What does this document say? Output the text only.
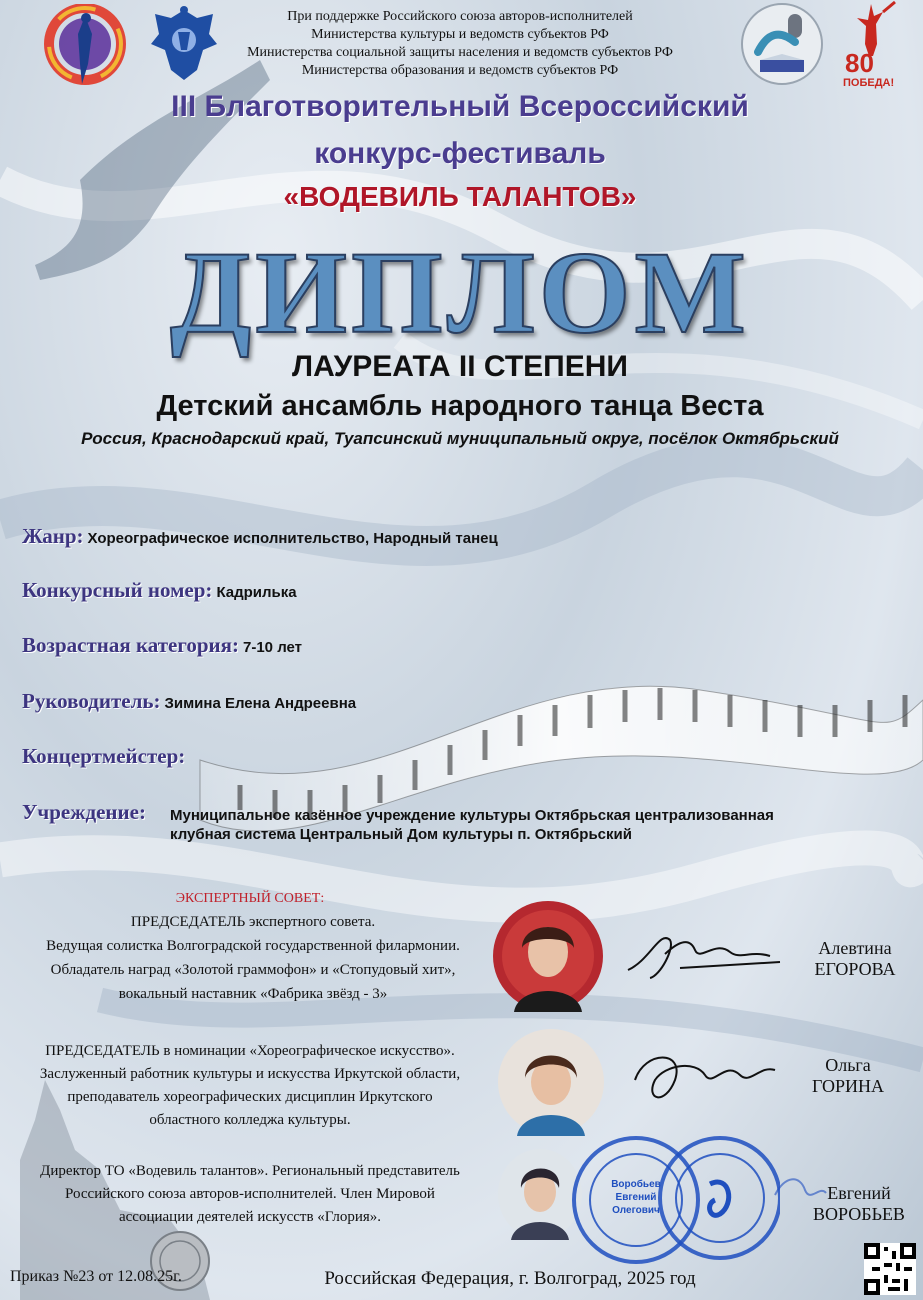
При поддержке Российского союза авторов-исполнителей
Министерства культуры и ведомств субъектов РФ
Министерства социальной защиты населения и ведомств субъектов РФ
Министерства образования и ведомств субъектов РФ	80
ПОБЕДА!
III Благотворительный Всероссийский
конкурс-фестиваль
«ВОДЕВИЛЬ ТАЛАНТОВ»
ДИПЛОМ
ЛАУРЕАТА II СТЕПЕНИ
Детский ансамбль народного танца Веста
Россия, Краснодарский край, Туапсинский муниципальный округ, посёлок Октябрьский
Жанр: Хореографическое исполнительство, Народный танец
Конкурсный номер: Кадрилька
Возрастная категория: 7-10 лет
Руководитель: Зимина Елена Андреевна
Концертмейстер:
Учреждение:	Муниципальное казённое учреждение культуры Октябрьская централизованная клубная система Центральный Дом культуры п. Октябрьский
ЭКСПЕРТНЫЙ СОВЕТ:
ПРЕДСЕДАТЕЛЬ экспертного совета.
Ведущая солистка Волгоградской государственной филармонии.
Обладатель наград «Золотой граммофон» и «Стопудовый хит»,
вокальный наставник «Фабрика звёзд - 3»
ПРЕДСЕДАТЕЛЬ в номинации «Хореографическое искусство».
Заслуженный работник культуры и искусства Иркутской области,
преподаватель хореографических дисциплин Иркутского
областного колледжа культуры.
Директор ТО «Водевиль талантов». Региональный представитель
Российского союза авторов-исполнителей. Член Мировой
ассоциации деятелей искусств «Глория».
Алевтина
ЕГОРОВА
Ольга
ГОРИНА
Евгений
ВОРОБЬЕВ
Воробьев
Евгений
Олегович
Приказ №23 от 12.08.25г.	Российская Федерация, г. Волгоград, 2025 год
